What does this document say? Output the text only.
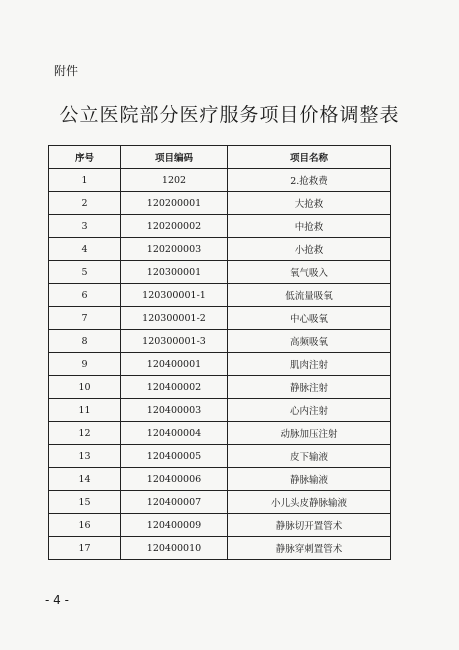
附件
公立医院部分医疗服务项目价格调整表
序号	项目编码	项目名称
1	1202	2.抢救费
2	120200001	大抢救
3	120200002	中抢救
4	120200003	小抢救
5	120300001	氧气吸入
6	120300001-1	低流量吸氧
7	120300001-2	中心吸氧
8	120300001-3	高频吸氧
9	120400001	肌肉注射
10	120400002	静脉注射
11	120400003	心内注射
12	120400004	动脉加压注射
13	120400005	皮下输液
14	120400006	静脉输液
15	120400007	小儿头皮静脉输液
16	120400009	静脉切开置管术
17	120400010	静脉穿刺置管术
- 4 -
